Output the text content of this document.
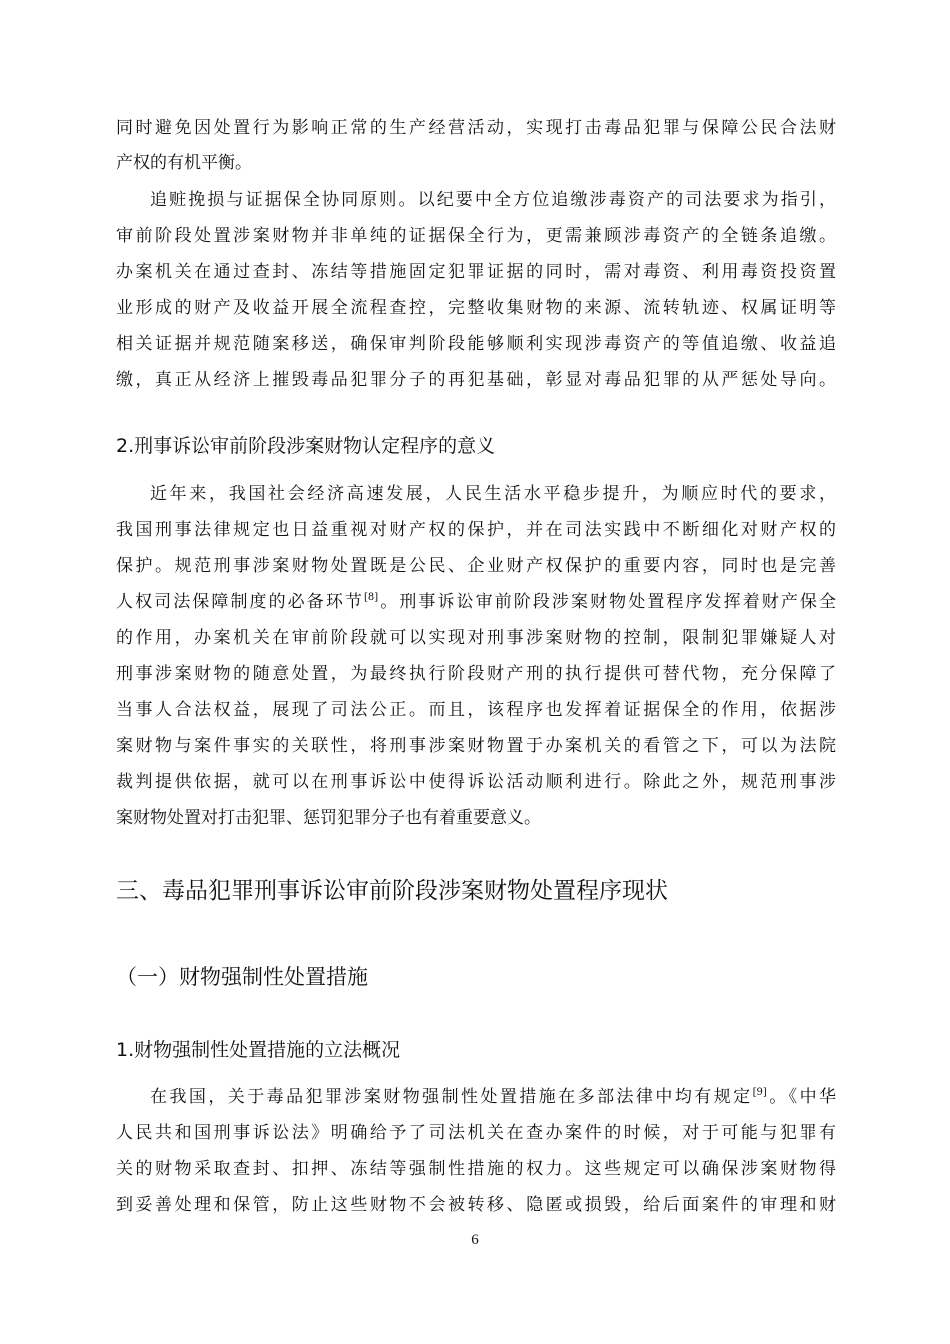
同时避免因处置行为影响正常的生产经营活动，实现打击毒品犯罪与保障公民合法财
产权的有机平衡。
追赃挽损与证据保全协同原则。以纪要中全方位追缴涉毒资产的司法要求为指引，
审前阶段处置涉案财物并非单纯的证据保全行为，更需兼顾涉毒资产的全链条追缴。
办案机关在通过查封、冻结等措施固定犯罪证据的同时，需对毒资、利用毒资投资置
业形成的财产及收益开展全流程查控，完整收集财物的来源、流转轨迹、权属证明等
相关证据并规范随案移送，确保审判阶段能够顺利实现涉毒资产的等值追缴、收益追
缴，真正从经济上摧毁毒品犯罪分子的再犯基础，彰显对毒品犯罪的从严惩处导向。
2.刑事诉讼审前阶段涉案财物认定程序的意义
近年来，我国社会经济高速发展，人民生活水平稳步提升，为顺应时代的要求，
我国刑事法律规定也日益重视对财产权的保护，并在司法实践中不断细化对财产权的
保护。规范刑事涉案财物处置既是公民、企业财产权保护的重要内容，同时也是完善
人权司法保障制度的必备环节[8]。刑事诉讼审前阶段涉案财物处置程序发挥着财产保全
的作用，办案机关在审前阶段就可以实现对刑事涉案财物的控制，限制犯罪嫌疑人对
刑事涉案财物的随意处置，为最终执行阶段财产刑的执行提供可替代物，充分保障了
当事人合法权益，展现了司法公正。而且，该程序也发挥着证据保全的作用，依据涉
案财物与案件事实的关联性，将刑事涉案财物置于办案机关的看管之下，可以为法院
裁判提供依据，就可以在刑事诉讼中使得诉讼活动顺利进行。除此之外，规范刑事涉
案财物处置对打击犯罪、惩罚犯罪分子也有着重要意义。
三、毒品犯罪刑事诉讼审前阶段涉案财物处置程序现状
（一）财物强制性处置措施
1.财物强制性处置措施的立法概况
在我国，关于毒品犯罪涉案财物强制性处置措施在多部法律中均有规定[9]。《中华
人民共和国刑事诉讼法》明确给予了司法机关在查办案件的时候，对于可能与犯罪有
关的财物采取查封、扣押、冻结等强制性措施的权力。这些规定可以确保涉案财物得
到妥善处理和保管，防止这些财物不会被转移、隐匿或损毁，给后面案件的审理和财
6
